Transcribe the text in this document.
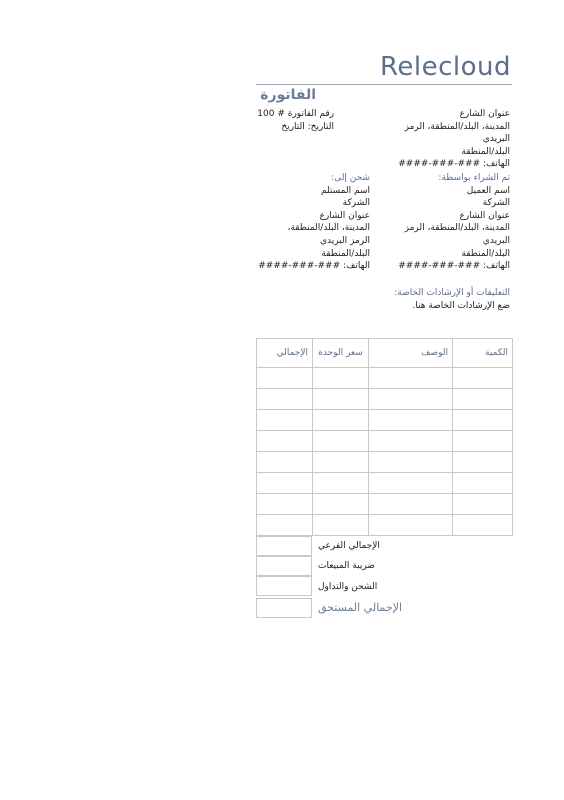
Relecloud
الفاتورة
عنوان الشارع
المدينة، البلد/المنطقة، الرمز
البريدي
البلد/المنطقة
الهاتف: ###-###-####
رقم الفاتورة # 100
التاريخ: التاريخ
تم الشراء بواسطة:
اسم العميل
الشركة
عنوان الشارع
المدينة، البلد/المنطقة، الرمز
البريدي
البلد/المنطقة
الهاتف: ###-###-####
شحن إلى:
اسم المستلم
الشركة
عنوان الشارع
المدينة، البلد/المنطقة،
الرمز البريدي
البلد/المنطقة
الهاتف: ###-###-####
التعليقات أو الإرشادات الخاصة:
ضع الإرشادات الخاصة هنا.
الإجمالي	سعر الوحدة	الوصف	الكمية

الإجمالي الفرعي
ضريبة المبيعات
الشحن والتداول
الإجمالي المستحق
